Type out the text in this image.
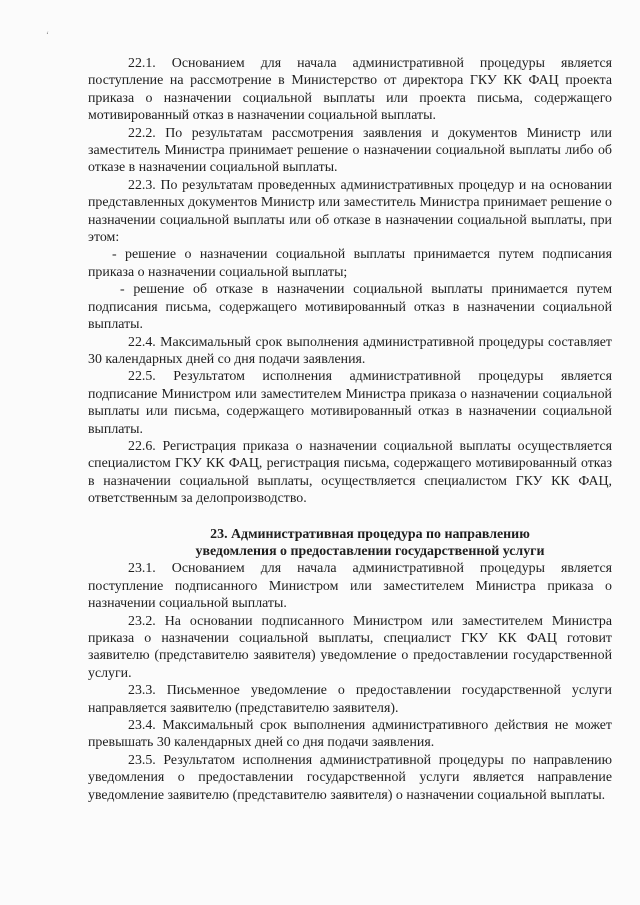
‘

22.1. Основанием для начала административной процедуры является поступление на рассмотрение в Министерство от директора ГКУ КК ФАЦ проекта приказа о назначении социальной выплаты или проекта письма, содержащего мотивированный отказ в назначении социальной выплаты.

22.2. По результатам рассмотрения заявления и документов Министр или заместитель Министра принимает решение о назначении социальной выплаты либо об отказе в назначении социальной выплаты.

22.3. По результатам проведенных административных процедур и на основании представленных документов Министр или заместитель Министра принимает решение о назначении социальной выплаты или об отказе в назначении социальной выплаты, при этом:

- решение о назначении социальной выплаты принимается путем подписания приказа о назначении социальной выплаты;

- решение об отказе в назначении социальной выплаты принимается путем подписания письма, содержащего мотивированный отказ в назначении социальной выплаты.

22.4. Максимальный срок выполнения административной процедуры составляет 30 календарных дней со дня подачи заявления.

22.5. Результатом исполнения административной процедуры является подписание Министром или заместителем Министра приказа о назначении социальной выплаты или письма, содержащего мотивированный отказ в назначении социальной выплаты.

22.6. Регистрация приказа о назначении социальной выплаты осуществляется специалистом ГКУ КК ФАЦ, регистрация письма, содержащего мотивированный отказ в назначении социальной выплаты, осуществляется специалистом ГКУ КК ФАЦ, ответственным за делопроизводство.

23. Административная процедура по направлению

уведомления о предоставлении государственной услуги

23.1. Основанием для начала административной процедуры является поступление подписанного Министром или заместителем Министра приказа о назначении социальной выплаты.

23.2. На основании подписанного Министром или заместителем Министра приказа о назначении социальной выплаты, специалист ГКУ КК ФАЦ готовит заявителю (представителю заявителя) уведомление о предоставлении государственной услуги.

23.3. Письменное уведомление о предоставлении государственной услуги направляется заявителю (представителю заявителя).

23.4. Максимальный срок выполнения административного действия не может превышать 30 календарных дней со дня подачи заявления.

23.5. Результатом исполнения административной процедуры по направлению уведомления о предоставлении государственной услуги является направление уведомление заявителю (представителю заявителя) о назначении социальной выплаты.
